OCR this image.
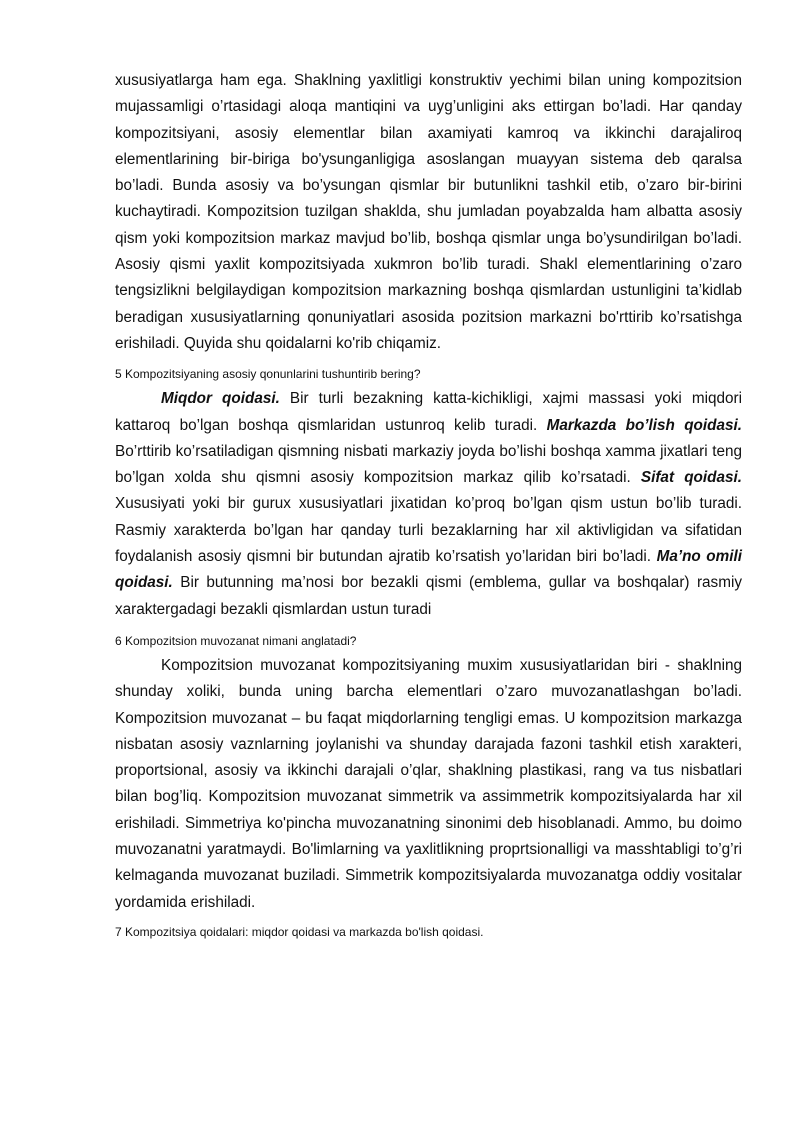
xususiyatlarga ham ega. Shaklning yaxlitligi konstruktiv yechimi bilan uning kompozitsion mujassamligi o’rtasidagi aloqa mantiqini va uyg’unligini aks ettirgan bo’ladi. Har qanday kompozitsiyani, asosiy elementlar bilan axamiyati kamroq va ikkinchi darajaliroq elementlarining bir-biriga bo'ysunganligiga asoslangan muayyan sistema deb qaralsa bo’ladi. Bunda asosiy va bo’ysungan qismlar bir butunlikni tashkil etib, o’zaro bir-birini kuchaytiradi. Kompozitsion tuzilgan shaklda, shu jumladan poyabzalda ham albatta asosiy qism yoki kompozitsion markaz mavjud bo’lib, boshqa qismlar unga bo’ysundirilgan bo’ladi. Asosiy qismi yaxlit kompozitsiyada xukmron bo’lib turadi. Shakl elementlarining o’zaro tengsizlikni belgilaydigan kompozitsion markazning boshqa qismlardan ustunligini ta’kidlab beradigan xususiyatlarning qonuniyatlari asosida pozitsion markazni bo'rttirib ko’rsatishga erishiladi. Quyida shu qoidalarni ko'rib chiqamiz.

5 Kompozitsiyaning asosiy qonunlarini tushuntirib bering?

Miqdor qoidasi. Bir turli bezakning katta-kichikligi, xajmi massasi yoki miqdori kattaroq bo’lgan boshqa qismlaridan ustunroq kelib turadi. Markazda bo’lish qoidasi. Bo’rttirib ko’rsatiladigan qismning nisbati markaziy joyda bo’lishi boshqa xamma jixatlari teng bo’lgan xolda shu qismni asosiy kompozitsion markaz qilib ko’rsatadi. Sifat qoidasi. Xususiyati yoki bir gurux xususiyatlari jixatidan ko’proq bo’lgan qism ustun bo’lib turadi. Rasmiy xarakterda bo’lgan har qanday turli bezaklarning har xil aktivligidan va sifatidan foydalanish asosiy qismni bir butundan ajratib ko’rsatish yo’laridan biri bo’ladi. Ma’no omili qoidasi. Bir butunning ma’nosi bor bezakli qismi (emblema, gullar va boshqalar) rasmiy xaraktergadagi bezakli qismlardan ustun turadi

6 Kompozitsion muvozanat nimani anglatadi?

Kompozitsion muvozanat kompozitsiyaning muxim xususiyatlaridan biri - shaklning shunday xoliki, bunda uning barcha elementlari o’zaro muvozanatlashgan bo’ladi. Kompozitsion muvozanat – bu faqat miqdorlarning tengligi emas. U kompozitsion markazga nisbatan asosiy vaznlarning joylanishi va shunday darajada fazoni tashkil etish xarakteri, proportsional, asosiy va ikkinchi darajali o’qlar, shaklning plastikasi, rang va tus nisbatlari bilan bog’liq. Kompozitsion muvozanat simmetrik va assimmetrik kompozitsiyalarda har xil erishiladi. Simmetriya ko'pincha muvozanatning sinonimi deb hisoblanadi. Ammo, bu doimo muvozanatni yaratmaydi. Bo'limlarning va yaxlitlikning proprtsionalligi va masshtabligi to’g’ri kelmaganda muvozanat buziladi. Simmetrik kompozitsiyalarda muvozanatga oddiy vositalar yordamida erishiladi.

7 Kompozitsiya qoidalari: miqdor qoidasi va markazda bo'lish qoidasi.
